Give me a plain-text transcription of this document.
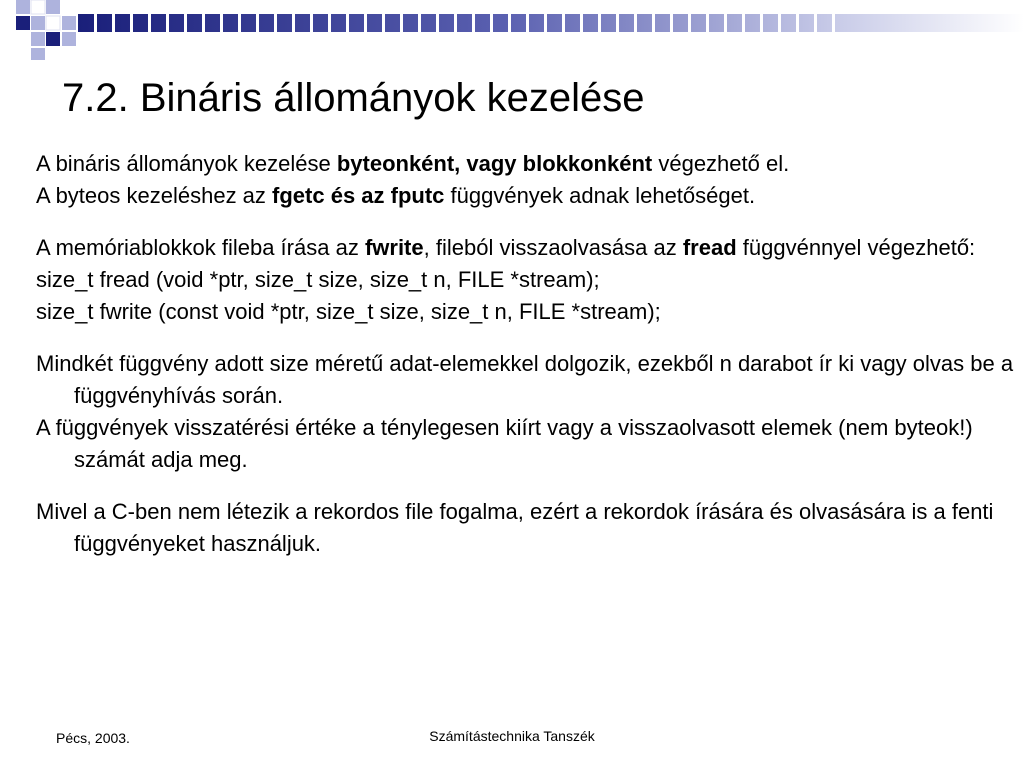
7.2. Bináris állományok kezelése

A bináris állományok kezelése byteonként, vagy blokkonként végezhető el.

A byteos kezeléshez az fgetc és az fputc függvények adnak lehetőséget.

A memóriablokkok fileba írása az fwrite, fileból visszaolvasása az fread függvénnyel végezhető:

size_t fread (void *ptr, size_t size, size_t n, FILE *stream);

size_t fwrite (const void *ptr, size_t size, size_t n, FILE *stream);

Mindkét függvény adott size méretű adat-elemekkel dolgozik, ezekből n darabot ír ki vagy olvas be a függvényhívás során.

A függvények visszatérési értéke a ténylegesen kiírt vagy a visszaolvasott elemek (nem byteok!) számát adja meg.

Mivel a C-ben nem létezik a rekordos file fogalma, ezért a rekordok írására és olvasására is a fenti függvényeket használjuk.

Pécs, 2003.	Számítástechnika Tanszék
